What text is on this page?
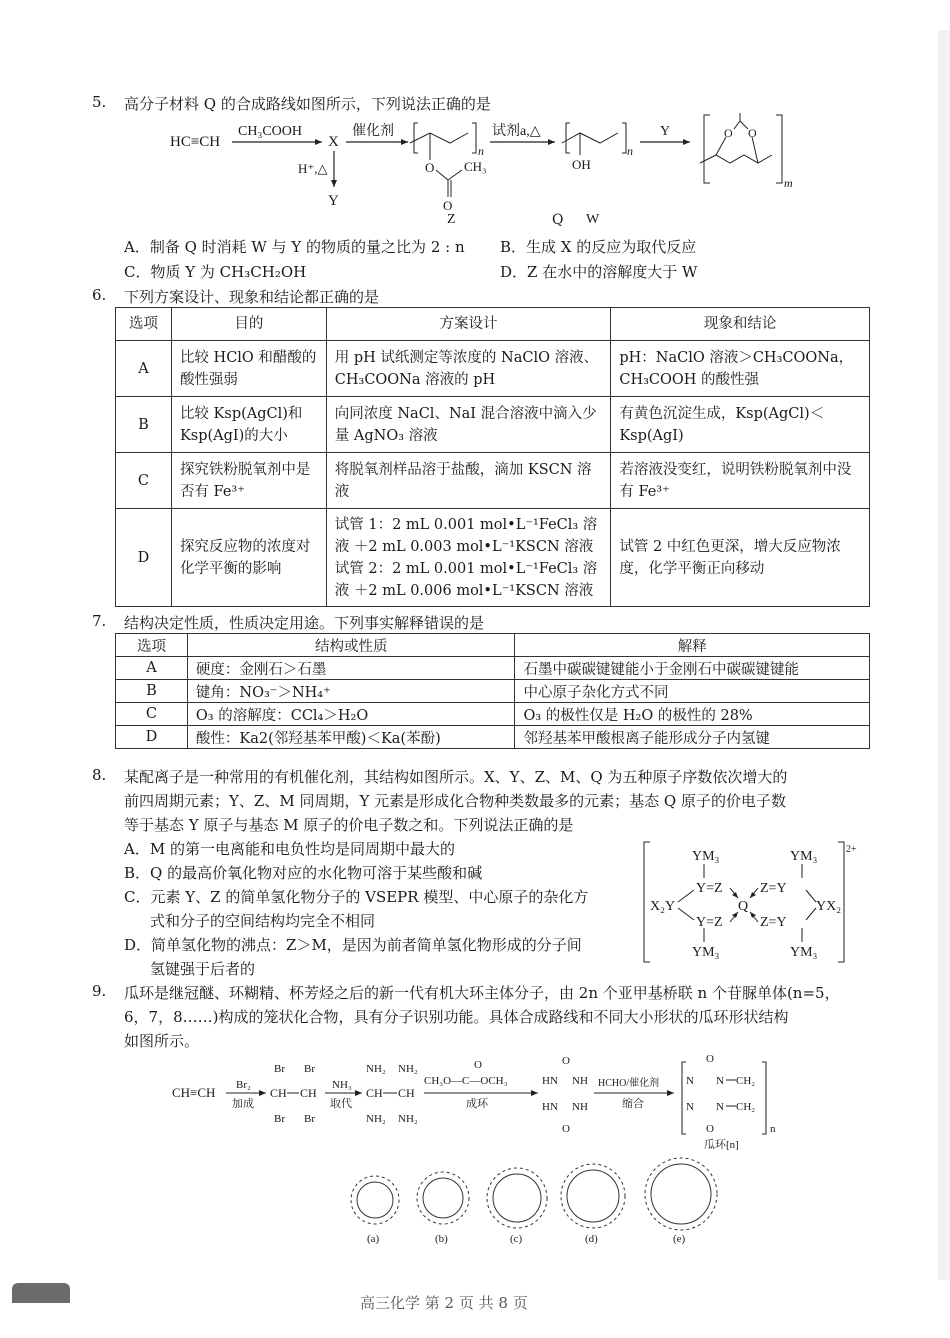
5. 高分子材料 Q 的合成路线如图所示，下列说法正确的是
HC≡CH
CH₃COOH
X
H⁺,△
Y
催化剂
n
O
O
CH₃
Z
试剂a,△
n
OH
W
Y	O O
m
Q
A．制备 Q 时消耗 W 与 Y 的物质的量之比为 2 : n B．生成 X 的反应为取代反应
C．物质 Y 为 CH₃CH₂OH	D．Z 在水中的溶解度大于 W
6. 下列方案设计、现象和结论都正确的是
选项	目的	方案设计	现象和结论
A	比较 HClO 和醋酸的酸性强弱	用 pH 试纸测定等浓度的 NaClO 溶液、CH₃COONa 溶液的 pH	pH：NaClO 溶液＞CH₃COONa，CH₃COOH 的酸性强
B	比较 Ksp(AgCl)和 Ksp(AgI)的大小	向同浓度 NaCl、NaI 混合溶液中滴入少量 AgNO₃ 溶液	有黄色沉淀生成，Ksp(AgCl)＜Ksp(AgI)
C	探究铁粉脱氧剂中是否有 Fe³⁺	将脱氧剂样品溶于盐酸，滴加 KSCN 溶液	若溶液没变红，说明铁粉脱氧剂中没有 Fe³⁺
D	探究反应物的浓度对化学平衡的影响	试管 1：2 mL 0.001 mol•L⁻¹FeCl₃ 溶液 ＋2 mL 0.003 mol•L⁻¹KSCN 溶液 试管 2：2 mL 0.001 mol•L⁻¹FeCl₃ 溶液 ＋2 mL 0.006 mol•L⁻¹KSCN 溶液	试管 2 中红色更深，增大反应物浓度，化学平衡正向移动
7. 结构决定性质，性质决定用途。下列事实解释错误的是
选项	结构或性质	解释
A	硬度：金刚石＞石墨	石墨中碳碳键键能小于金刚石中碳碳键键能
B	键角：NO₃⁻＞NH₄⁺	中心原子杂化方式不同
C	O₃ 的溶解度：CCl₄＞H₂O	O₃ 的极性仅是 H₂O 的极性的 28%
D	酸性：Ka2(邻羟基苯甲酸)＜Ka(苯酚)	邻羟基苯甲酸根离子能形成分子内氢键
8. 某配离子是一种常用的有机催化剂，其结构如图所示。X、Y、Z、M、Q 为五种原子序数依次增大的
前四周期元素；Y、Z、M 同周期，Y 元素是形成化合物种类数最多的元素；基态 Q 原子的价电子数
等于基态 Y 原子与基态 M 原子的价电子数之和。下列说法正确的是
A．M 的第一电离能和电负性均是同周期中最大的
B．Q 的最高价氧化物对应的水化物可溶于某些酸和碱
C．元素 Y、Z 的简单氢化物分子的 VSEPR 模型、中心原子的杂化方
式和分子的空间结构均完全不相同
D．简单氢化物的沸点：Z＞M，是因为前者简单氢化物形成的分子间
氢键强于后者的
2+
YM₃	YM₃
YM₃	YM₃
Y=Z
Y=Z
Z=Y
Z=Y
X₂Y	YX₂
Q
9. 瓜环是继冠醚、环糊精、杯芳烃之后的新一代有机大环主体分子，由 2n 个亚甲基桥联 n 个苷脲单体(n=5，
6，7，8……)构成的笼状化合物，具有分子识别功能。具体合成路线和不同大小形状的瓜环形状结构
如图所示。
CH≡CH Br₂
加成
Br Br
CH CH
Br Br
NH₃
取代
NH₂ NH₂
CH CH
NH₂ NH₂
O
CH₃O—C—OCH₃
成环
O
HN NH
HN NH
O
HCHO/催化剂
缩合
O
N N CH₂
N N CH₂
O	n
瓜环[n]
(a)	(b)	(c)	(d)	(e)
高三化学 第 2 页 共 8 页
